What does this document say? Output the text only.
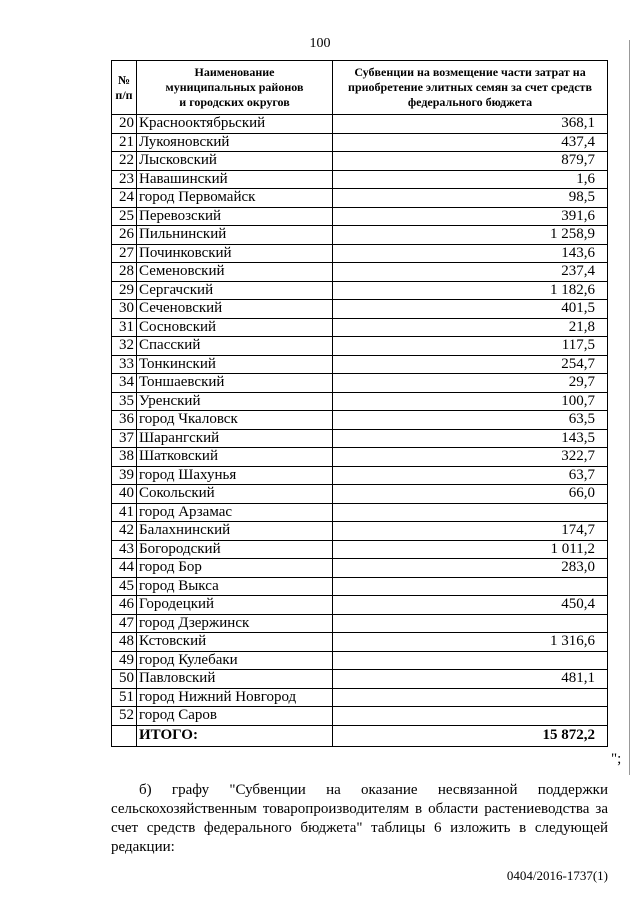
100
№
п/п	Наименование
муниципальных районов
и городских округов	Субвенции на возмещение части затрат на
приобретение элитных семян за счет средств
федерального бюджета
20	Краснооктябрьский	368,1
21	Лукояновский	437,4
22	Лысковский	879,7
23	Навашинский	1,6
24	город Первомайск	98,5
25	Перевозский	391,6
26	Пильнинский	1 258,9
27	Починковский	143,6
28	Семеновский	237,4
29	Сергачский	1 182,6
30	Сеченовский	401,5
31	Сосновский	21,8
32	Спасский	117,5
33	Тонкинский	254,7
34	Тоншаевский	29,7
35	Уренский	100,7
36	город Чкаловск	63,5
37	Шарангский	143,5
38	Шатковский	322,7
39	город Шахунья	63,7
40	Сокольский	66,0
41	город Арзамас	
42	Балахнинский	174,7
43	Богородский	1 011,2
44	город Бор	283,0
45	город Выкса	
46	Городецкий	450,4
47	город Дзержинск	
48	Кстовский	1 316,6
49	город Кулебаки	
50	Павловский	481,1
51	город Нижний Новгород	
52	город Саров	
	ИТОГО:	15 872,2
";
б) графу "Субвенции на оказание несвязанной поддержки
сельскохозяйственным товаропроизводителям в области растениеводства за счет средств федерального бюджета" таблицы 6 изложить в следующей редакции:
0404/2016-1737(1)
